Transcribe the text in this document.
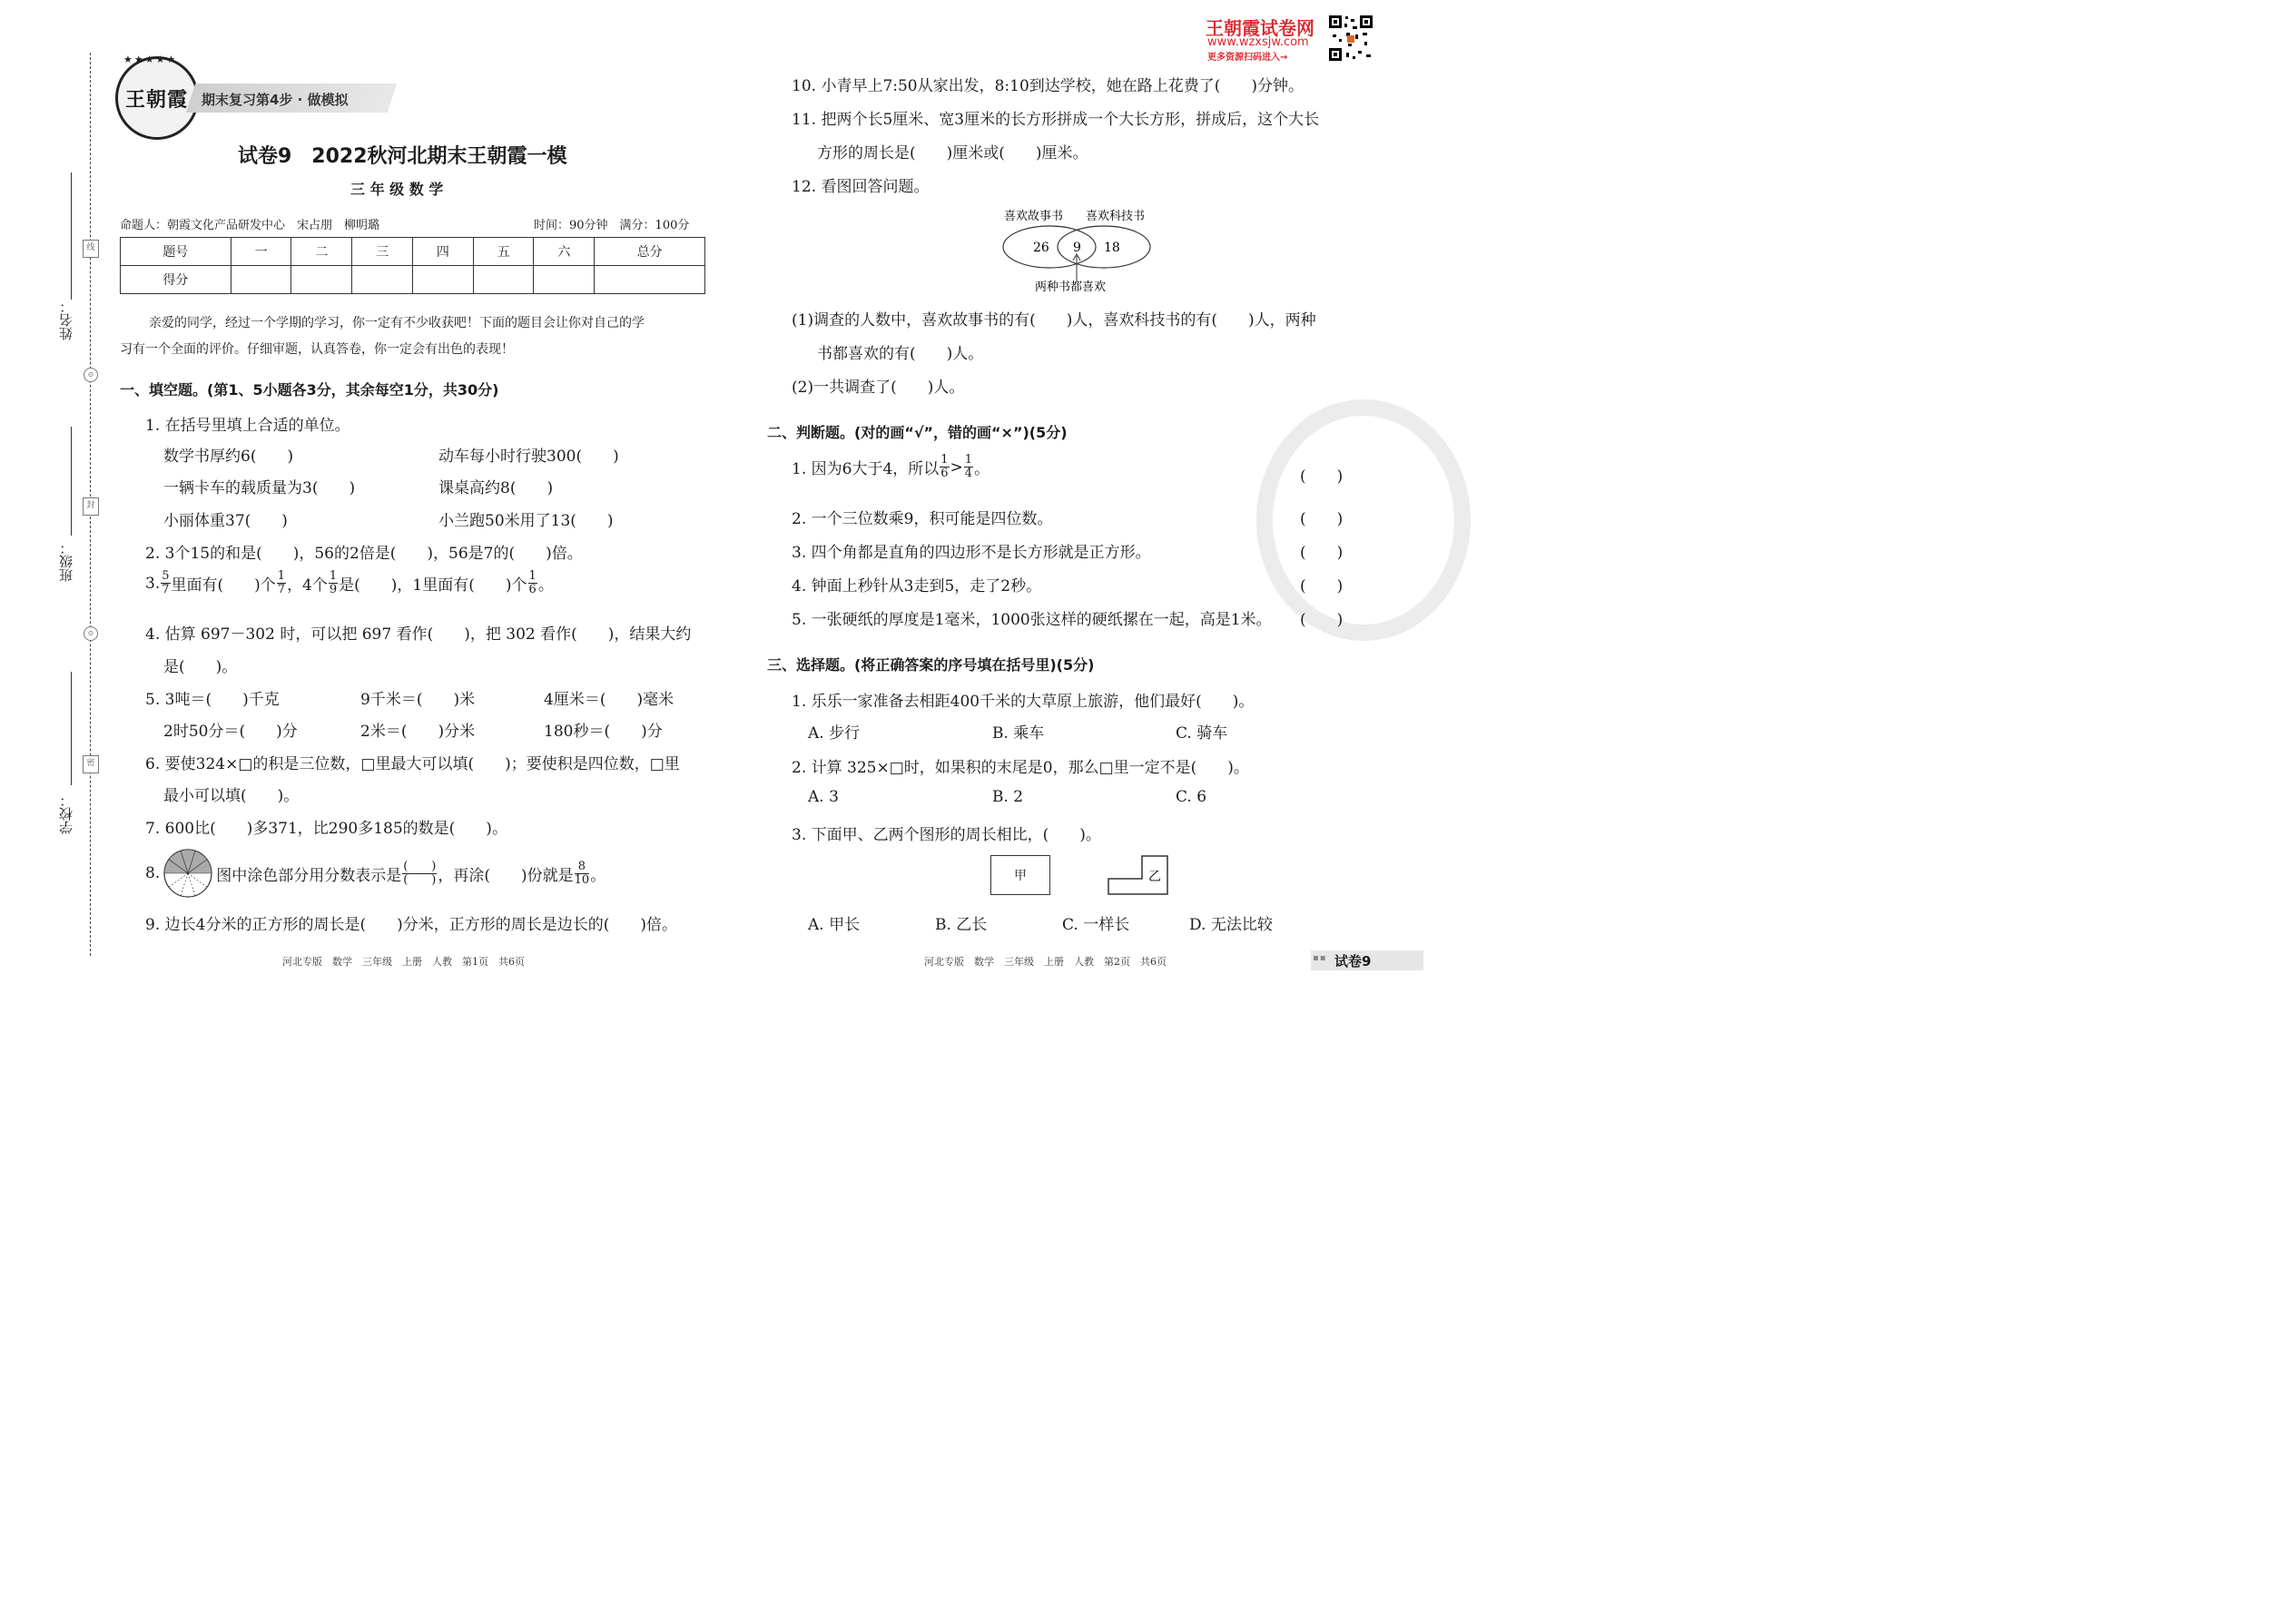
线
⊙
封
⊙
密
姓名：
班级：
学校：
★★★★★
王朝霞 期末复习第4步 · 做模拟
试卷9　2022秋河北期末王朝霞一模
三 年 级 数 学
命题人：朝霞文化产品研发中心　宋占朋　柳明璐	时间：90分钟　满分：100分
题号	一	二	三	四	五	六	总分
得分							
亲爱的同学，经过一个学期的学习，你一定有不少收获吧！下面的题目会让你对自己的学
习有一个全面的评价。仔细审题，认真答卷，你一定会有出色的表现！
一、填空题。(第1、5小题各3分，其余每空1分，共30分)
1. 在括号里填上合适的单位。
数学书厚约6(　　)	动车每小时行驶300(　　)
一辆卡车的载质量为3(　　)	课桌高约8(　　)
小丽体重37(　　)	小兰跑50米用了13(　　)
2. 3个15的和是(　　)，56的2倍是(　　)，56是7的(　　)倍。
3. $\frac{5}{7}$ 里面有(　　)个 $\frac{1}{7}$ ，4个 $\frac{1}{9}$ 是(　　)，1里面有(　　)个 $\frac{1}{6}$ 。
4. 估算 697－302 时，可以把 697 看作(　　)，把 302 看作(　　)，结果大约
是(　　)。
5. 3吨＝(　　)千克	9千米＝(　　)米	4厘米＝(　　)毫米
2时50分＝(　　)分	2米＝(　　)分米	180秒＝(　　)分
6. 要使324×□的积是三位数，□里最大可以填(　　)；要使积是四位数，□里
最小可以填(　　)。
7. 600比(　　)多371，比290多185的数是(　　)。
8.	图中涂色部分用分数表示是 $\frac{( )}{( )}$ ，再涂(　　)份就是 $\frac{8}{10}$ 。
9. 边长4分米的正方形的周长是(　　)分米，正方形的周长是边长的(　　)倍。
河北专版　数学　三年级　上册　人教　第1页　共6页
王朝霞试卷网
www.wzxsjw.com
更多资源扫码进入→
10. 小青早上7:50从家出发，8:10到达学校，她在路上花费了(　　)分钟。
11. 把两个长5厘米、宽3厘米的长方形拼成一个大长方形，拼成后，这个大长
方形的周长是(　　)厘米或(　　)厘米。
12. 看图回答问题。
喜欢故事书 喜欢科技书
26 9 18
两种书都喜欢
(1)调查的人数中，喜欢故事书的有(　　)人，喜欢科技书的有(　　)人，两种
书都喜欢的有(　　)人。
(2)一共调查了(　　)人。
二、判断题。(对的画“√”，错的画“×”)(5分)
1. 因为6大于4，所以 $\frac{1}{6} > \frac{1}{4}$ 。	(　　)
2. 一个三位数乘9，积可能是四位数。	(　　)
3. 四个角都是直角的四边形不是长方形就是正方形。	(　　)
4. 钟面上秒针从3走到5，走了2秒。	(　　)
5. 一张硬纸的厚度是1毫米，1000张这样的硬纸摞在一起，高是1米。 (　　)
三、选择题。(将正确答案的序号填在括号里)(5分)
1. 乐乐一家准备去相距400千米的大草原上旅游，他们最好(　　)。
A. 步行	B. 乘车	C. 骑车
2. 计算 325×□时，如果积的末尾是0，那么□里一定不是(　　)。
A. 3	B. 2	C. 6
3. 下面甲、乙两个图形的周长相比，(　　)。
甲	乙
A. 甲长	B. 乙长	C. 一样长	D. 无法比较
河北专版　数学　三年级　上册　人教　第2页　共6页	▪▪ 试卷9
